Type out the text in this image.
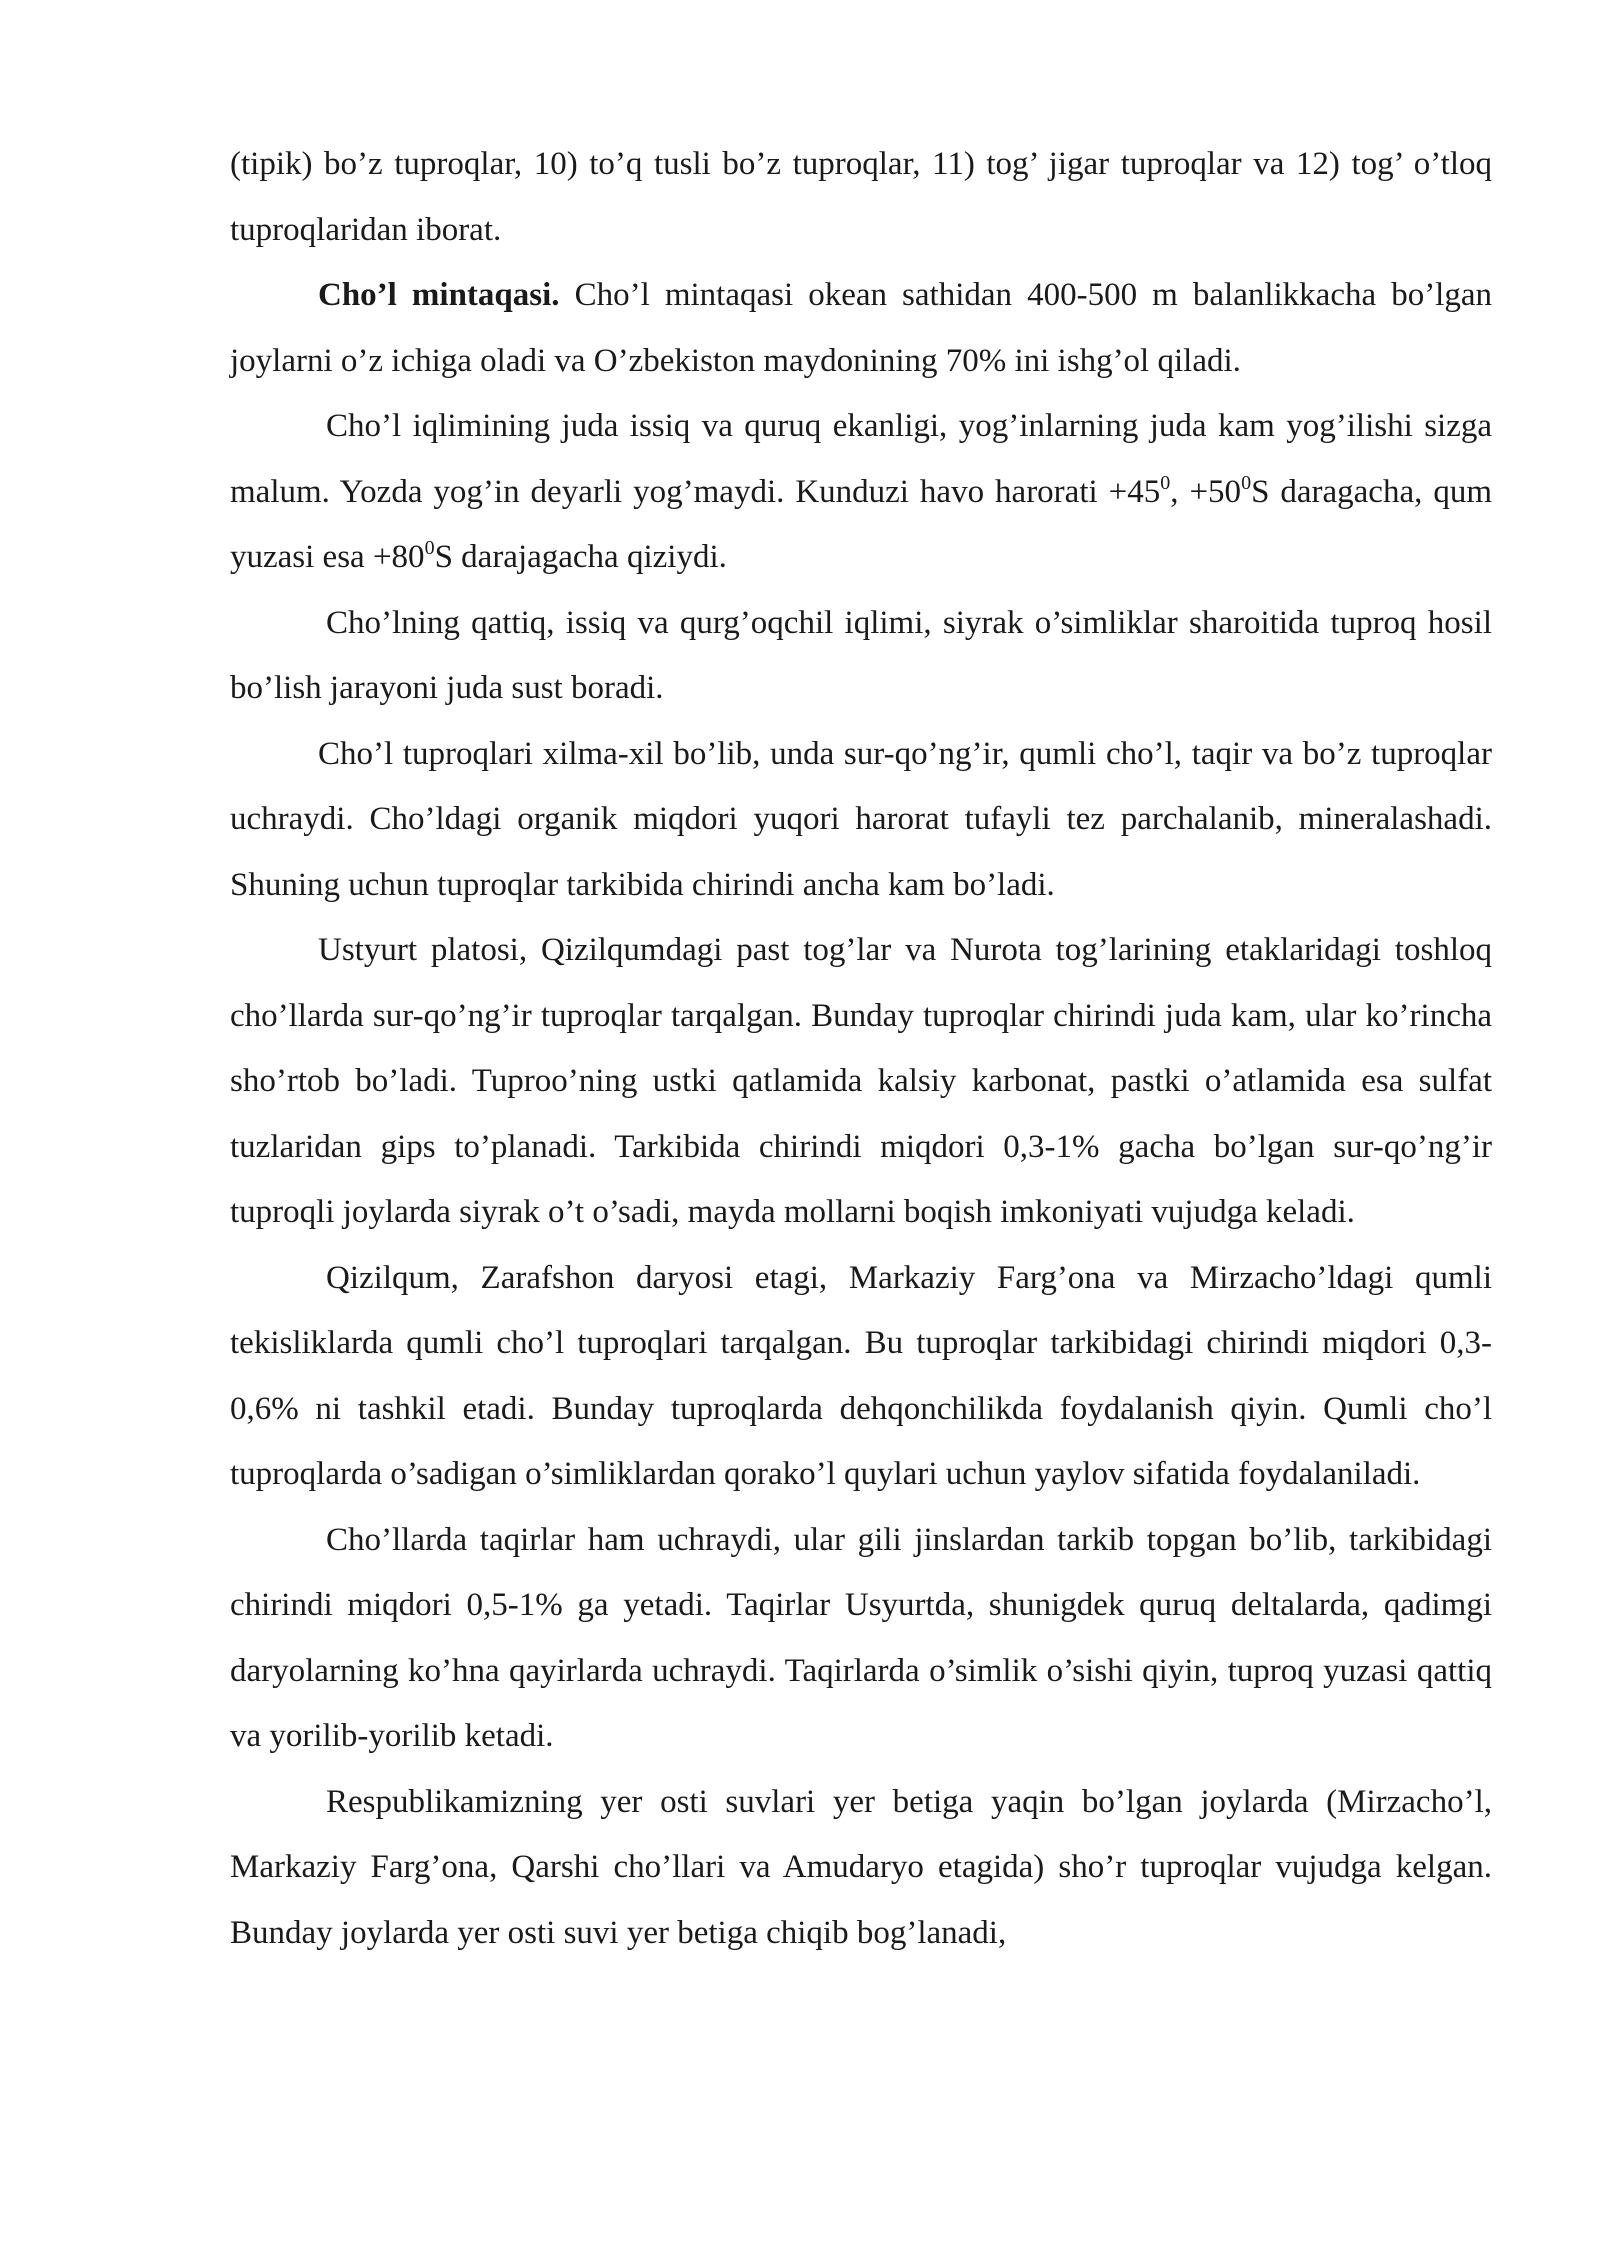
(tipik) bo’z tuproqlar, 10) to’q tusli bo’z tuproqlar, 11) tog’ jigar tuproqlar va 12) tog’ o’tloq tuproqlaridan iborat.

Cho’l mintaqasi. Cho’l mintaqasi okean sathidan 400-500 m balanlikkacha bo’lgan joylarni o’z ichiga oladi va O’zbekiston maydonining 70% ini ishg’ol qiladi.

Cho’l iqlimining juda issiq va quruq ekanligi, yog’inlarning juda kam yog’ilishi sizga malum. Yozda yog’in deyarli yog’maydi. Kunduzi havo harorati $+45^0$, $+50^0S$ daragacha, qum yuzasi esa $+80^0S$ darajagacha qiziydi.

Cho’lning qattiq, issiq va qurg’oqchil iqlimi, siyrak o’simliklar sharoitida tuproq hosil bo’lish jarayoni juda sust boradi.

Cho’l tuproqlari xilma-xil bo’lib, unda sur-qo’ng’ir, qumli cho’l, taqir va bo’z tuproqlar uchraydi. Cho’ldagi organik miqdori yuqori harorat tufayli tez parchalanib, mineralashadi. Shuning uchun tuproqlar tarkibida chirindi ancha kam bo’ladi.

Ustyurt platosi, Qizilqumdagi past tog’lar va Nurota tog’larining etaklaridagi toshloq cho’llarda sur-qo’ng’ir tuproqlar tarqalgan. Bunday tuproqlar chirindi juda kam, ular ko’rincha sho’rtob bo’ladi. Tuproo’ning ustki qatlamida kalsiy karbonat, pastki o’atlamida esa sulfat tuzlaridan gips to’planadi. Tarkibida chirindi miqdori 0,3-1% gacha bo’lgan sur-qo’ng’ir tuproqli joylarda siyrak o’t o’sadi, mayda mollarni boqish imkoniyati vujudga keladi.

Qizilqum, Zarafshon daryosi etagi, Markaziy Farg’ona va Mirzacho’ldagi qumli tekisliklarda qumli cho’l tuproqlari tarqalgan. Bu tuproqlar tarkibidagi chirindi miqdori 0,3-0,6% ni tashkil etadi. Bunday tuproqlarda dehqonchilikda foydalanish qiyin. Qumli cho’l tuproqlarda o’sadigan o’simliklardan qorako’l quylari uchun yaylov sifatida foydalaniladi.

Cho’llarda taqirlar ham uchraydi, ular gili jinslardan tarkib topgan bo’lib, tarkibidagi chirindi miqdori 0,5-1% ga yetadi. Taqirlar Usyurtda, shunigdek quruq deltalarda, qadimgi daryolarning ko’hna qayirlarda uchraydi. Taqirlarda o’simlik o’sishi qiyin, tuproq yuzasi qattiq va yorilib-yorilib ketadi.

Respublikamizning yer osti suvlari yer betiga yaqin bo’lgan joylarda (Mirzacho’l, Markaziy Farg’ona, Qarshi cho’llari va Amudaryo etagida) sho’r tuproqlar vujudga kelgan. Bunday joylarda yer osti suvi yer betiga chiqib bog’lanadi,
